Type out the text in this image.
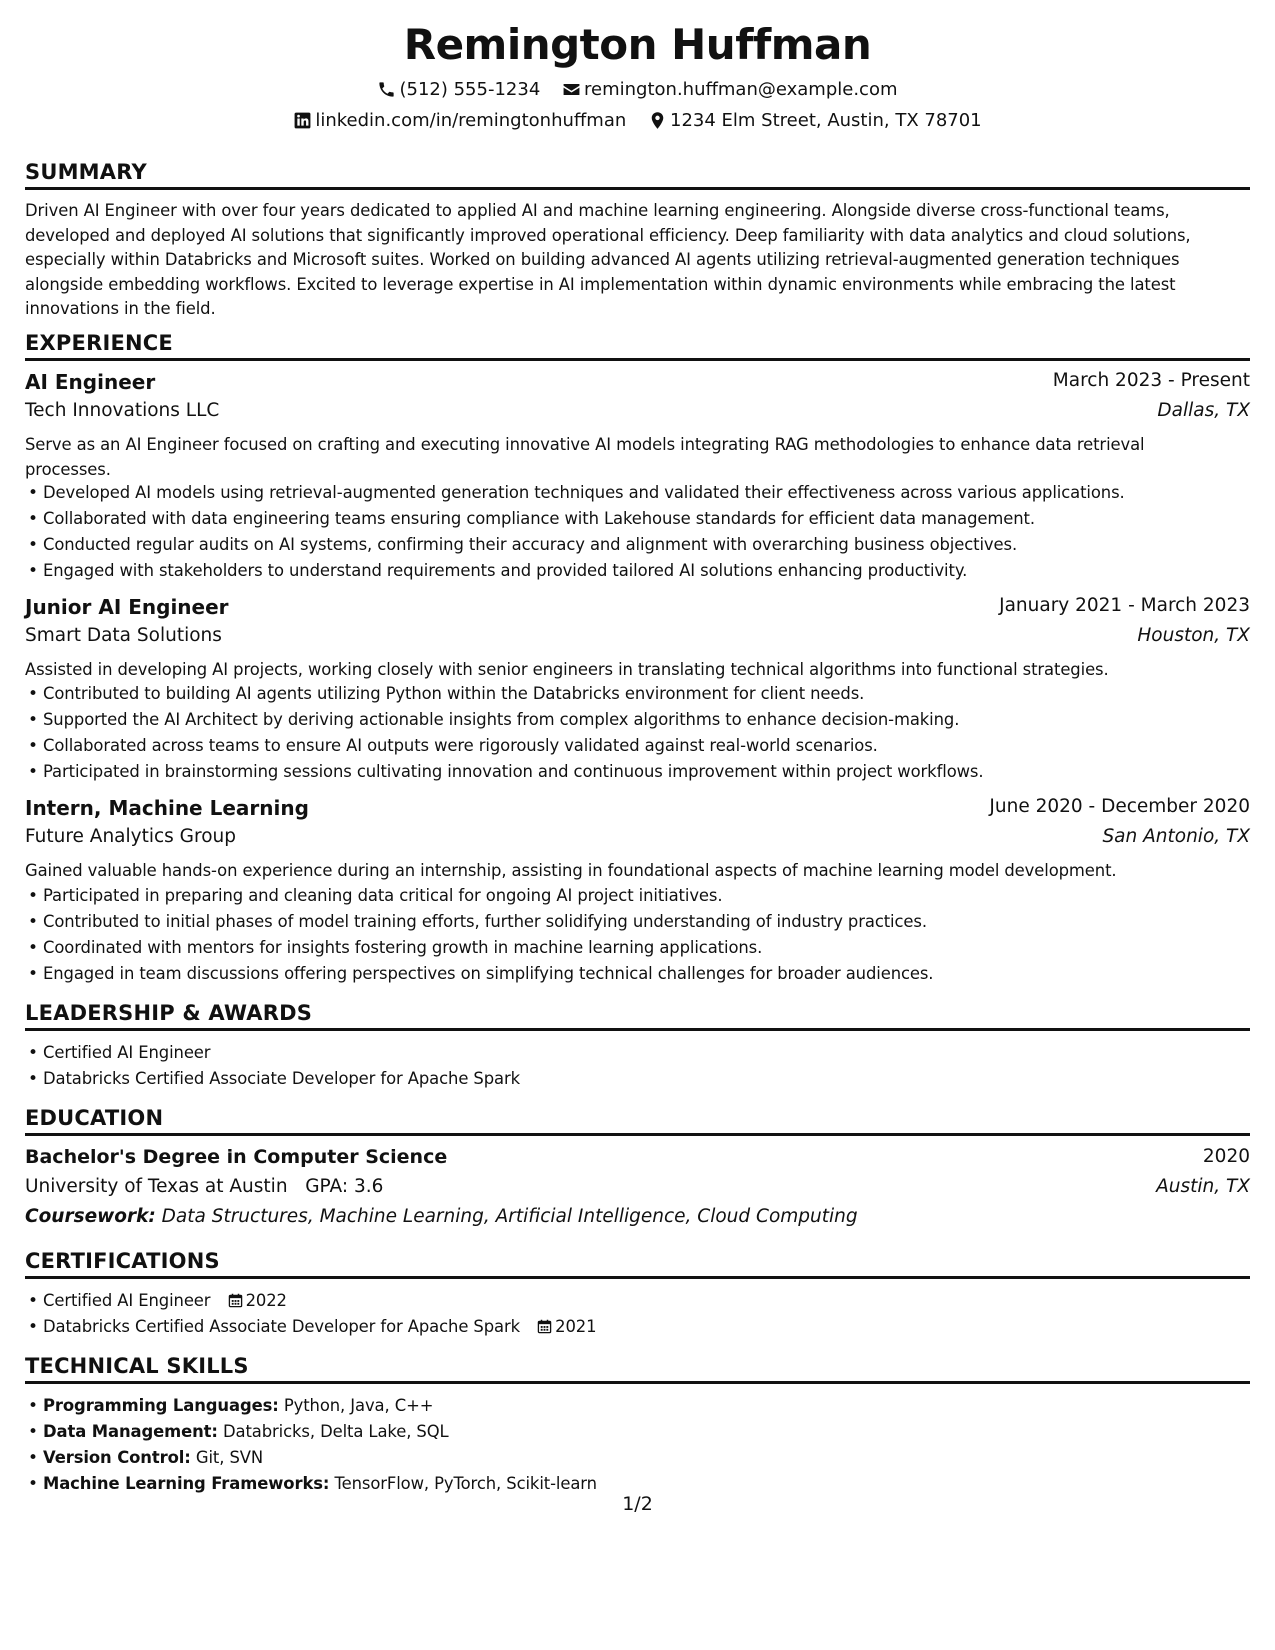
Remington Huffman
(512) 555-1234
remington.huffman@example.com
linkedin.com/in/remingtonhuffman
1234 Elm Street, Austin, TX 78701
SUMMARY
Driven AI Engineer with over four years dedicated to applied AI and machine learning engineering. Alongside diverse cross-functional teams,
developed and deployed AI solutions that significantly improved operational efficiency. Deep familiarity with data analytics and cloud solutions,
especially within Databricks and Microsoft suites. Worked on building advanced AI agents utilizing retrieval-augmented generation techniques
alongside embedding workflows. Excited to leverage expertise in AI implementation within dynamic environments while embracing the latest
innovations in the field.
EXPERIENCE
AI Engineer	March 2023 - Present
Tech Innovations LLC	Dallas, TX
Serve as an AI Engineer focused on crafting and executing innovative AI models integrating RAG methodologies to enhance data retrieval
processes.
• Developed AI models using retrieval-augmented generation techniques and validated their effectiveness across various applications.
• Collaborated with data engineering teams ensuring compliance with Lakehouse standards for efficient data management.
• Conducted regular audits on AI systems, confirming their accuracy and alignment with overarching business objectives.
• Engaged with stakeholders to understand requirements and provided tailored AI solutions enhancing productivity.
Junior AI Engineer	January 2021 - March 2023
Smart Data Solutions	Houston, TX
Assisted in developing AI projects, working closely with senior engineers in translating technical algorithms into functional strategies.
• Contributed to building AI agents utilizing Python within the Databricks environment for client needs.
• Supported the AI Architect by deriving actionable insights from complex algorithms to enhance decision-making.
• Collaborated across teams to ensure AI outputs were rigorously validated against real-world scenarios.
• Participated in brainstorming sessions cultivating innovation and continuous improvement within project workflows.
Intern, Machine Learning	June 2020 - December 2020
Future Analytics Group	San Antonio, TX
Gained valuable hands-on experience during an internship, assisting in foundational aspects of machine learning model development.
• Participated in preparing and cleaning data critical for ongoing AI project initiatives.
• Contributed to initial phases of model training efforts, further solidifying understanding of industry practices.
• Coordinated with mentors for insights fostering growth in machine learning applications.
• Engaged in team discussions offering perspectives on simplifying technical challenges for broader audiences.
LEADERSHIP & AWARDS
• Certified AI Engineer
• Databricks Certified Associate Developer for Apache Spark
EDUCATION
Bachelor's Degree in Computer Science	2020
University of Texas at Austin GPA: 3.6	Austin, TX
Coursework: Data Structures, Machine Learning, Artificial Intelligence, Cloud Computing
CERTIFICATIONS
• Certified AI Engineer 2022
• Databricks Certified Associate Developer for Apache Spark 2021
TECHNICAL SKILLS
• Programming Languages: Python, Java, C++
• Data Management: Databricks, Delta Lake, SQL
• Version Control: Git, SVN
• Machine Learning Frameworks: TensorFlow, PyTorch, Scikit-learn
1/2
